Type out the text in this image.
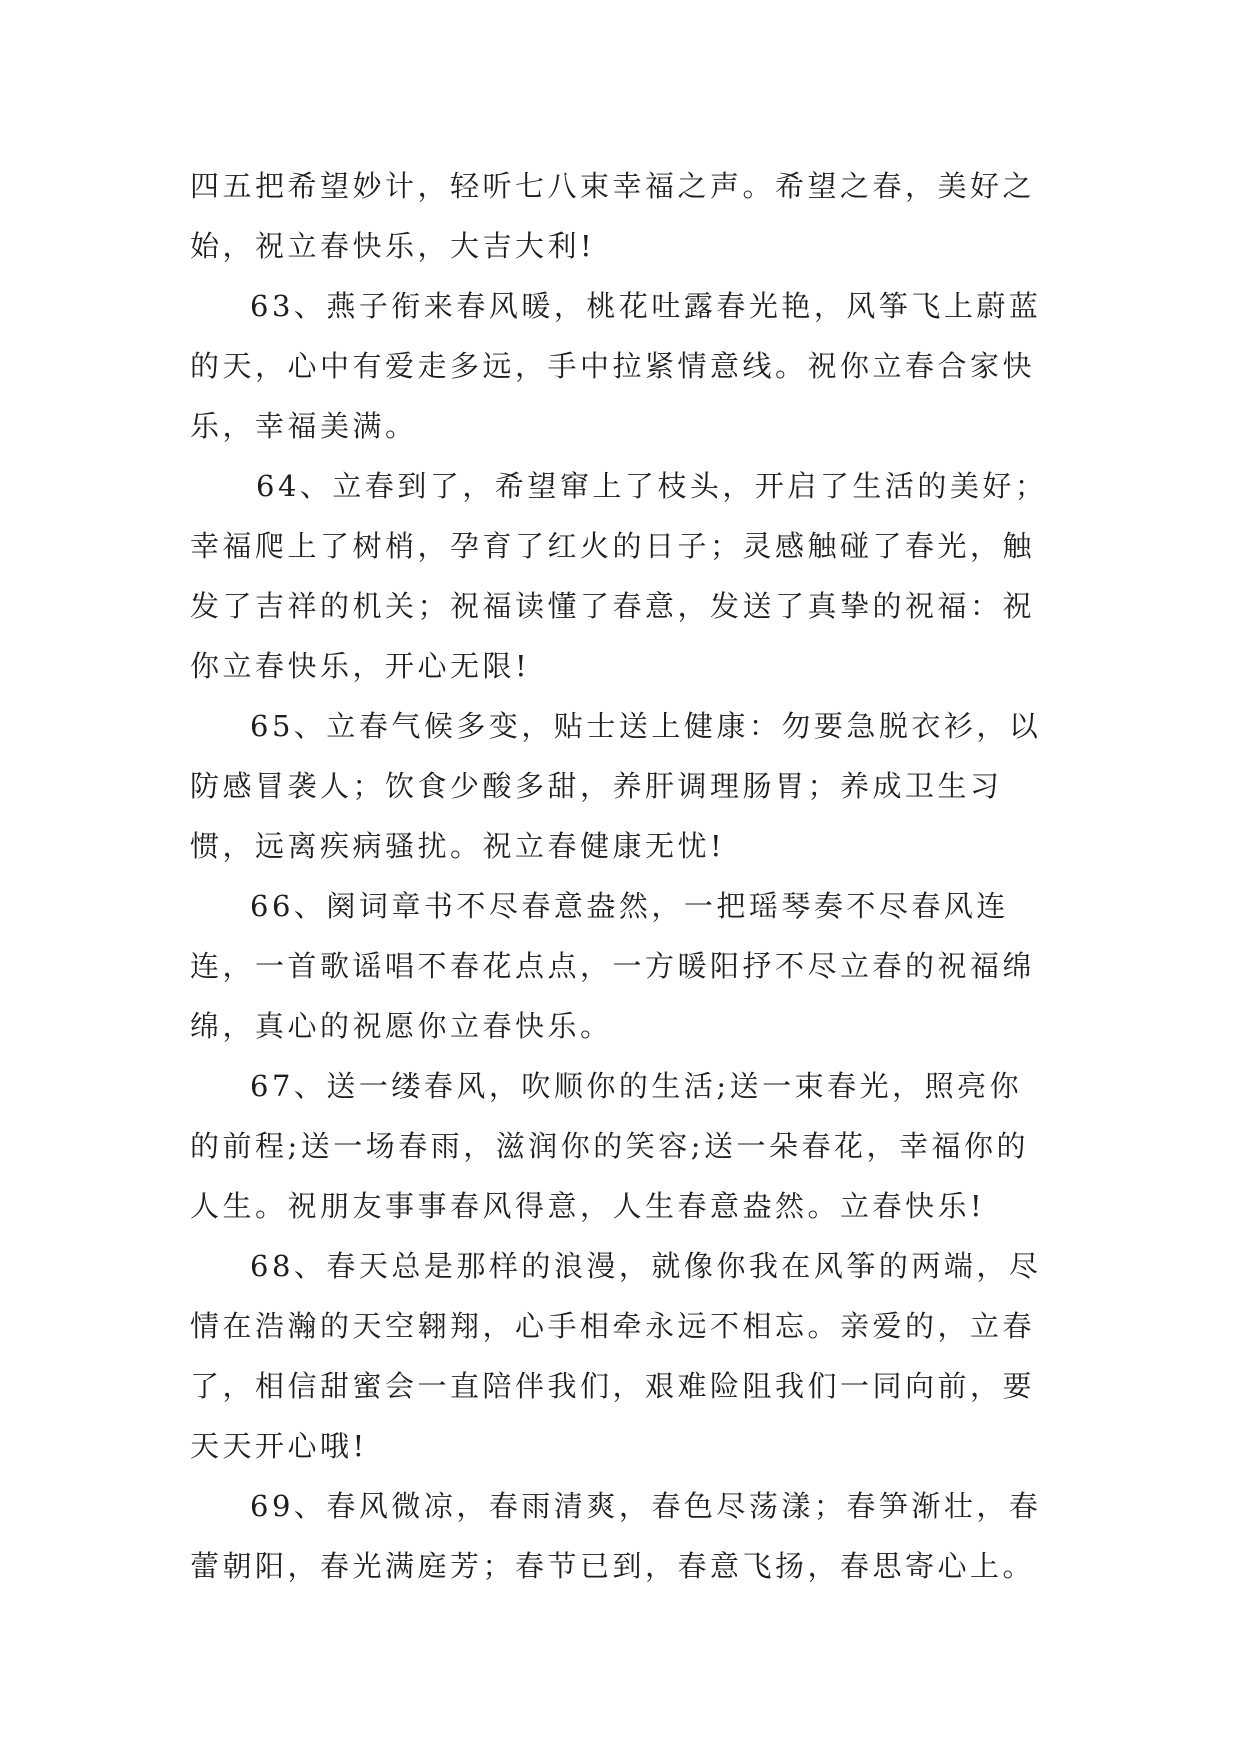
四五把希望妙计，轻听七八束幸福之声。希望之春，美好之始，祝立春快乐，大吉大利!

63、燕子衔来春风暖，桃花吐露春光艳，风筝飞上蔚蓝的天，心中有爱走多远，手中拉紧情意线。祝你立春合家快乐，幸福美满。

64、立春到了，希望窜上了枝头，开启了生活的美好；幸福爬上了树梢，孕育了红火的日子；灵感触碰了春光，触发了吉祥的机关；祝福读懂了春意，发送了真挚的祝福：祝你立春快乐，开心无限!

65、立春气候多变，贴士送上健康：勿要急脱衣衫，以防感冒袭人；饮食少酸多甜，养肝调理肠胃；养成卫生习惯，远离疾病骚扰。祝立春健康无忧!

66、阕词章书不尽春意盎然，一把瑶琴奏不尽春风连连，一首歌谣唱不春花点点，一方暖阳抒不尽立春的祝福绵绵，真心的祝愿你立春快乐。

67、送一缕春风，吹顺你的生活;送一束春光，照亮你的前程;送一场春雨，滋润你的笑容;送一朵春花，幸福你的人生。祝朋友事事春风得意，人生春意盎然。立春快乐!

68、春天总是那样的浪漫，就像你我在风筝的两端，尽情在浩瀚的天空翱翔，心手相牵永远不相忘。亲爱的，立春了，相信甜蜜会一直陪伴我们，艰难险阻我们一同向前，要天天开心哦!

69、春风微凉，春雨清爽，春色尽荡漾；春笋渐壮，春蕾朝阳，春光满庭芳；春节已到，春意飞扬，春思寄心上。
